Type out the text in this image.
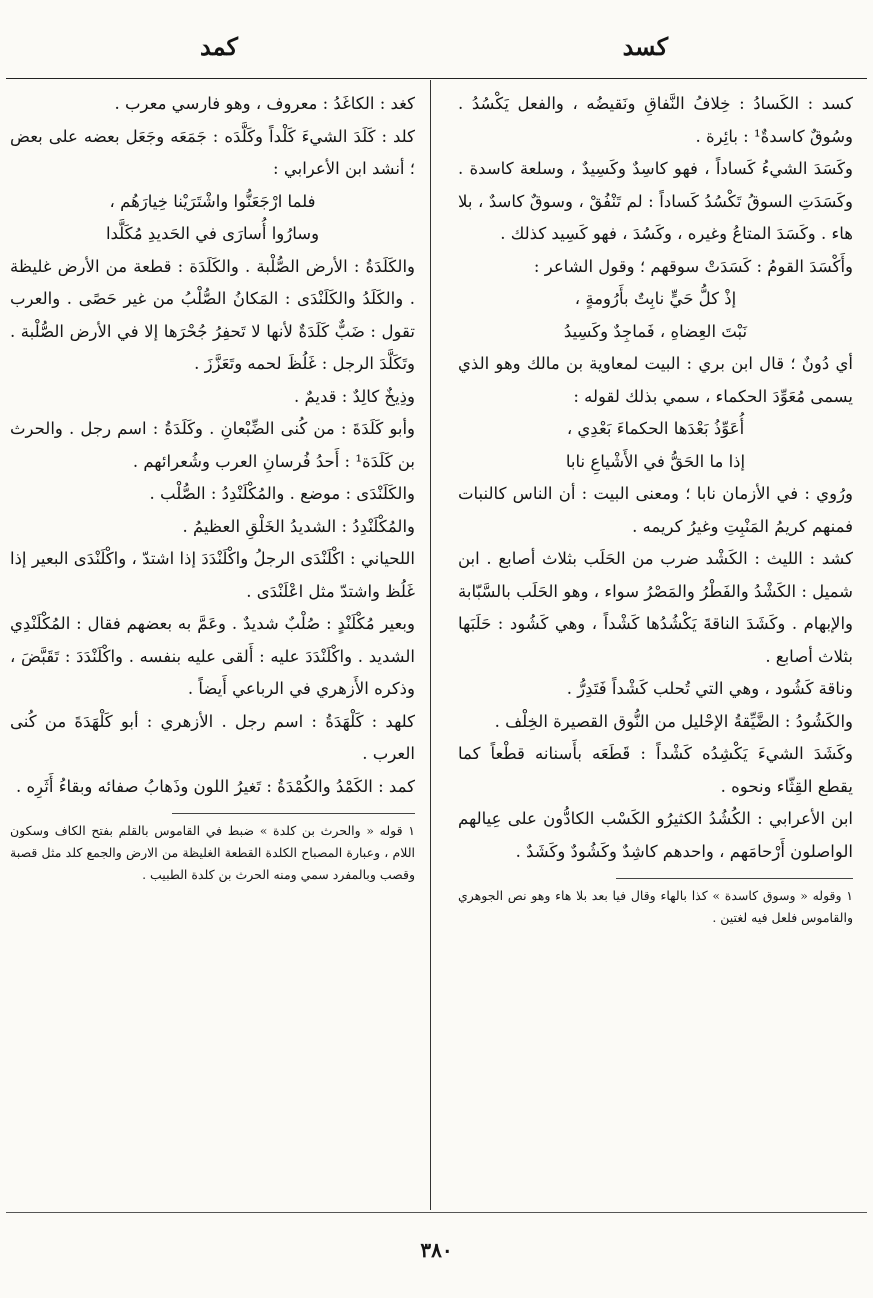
كسد
كمد

كسد : الكَسادُ : خِلافُ النَّفاقِ ونَقيضُه ، والفعل يَكْسُدُ . وسُوقٌ كاسدةٌ¹ : بائِرة .

وكَسَدَ الشيءُ كَساداً ، فهو كاسِدٌ وكَسِيدٌ ، وسلعة كاسدة . وكَسَدَتِ السوقُ تَكْسُدُ كَساداً : لم تَنْفُقْ ، وسوقٌ كاسدٌ ، بلا هاء . وكَسَدَ المتاعُ وغيره ، وكَسُدَ ، فهو كَسِيد كذلك .

وأَكْسَدَ القومُ : كَسَدَتْ سوقهم ؛ وقول الشاعر :

إذْ كلُّ حَيٍّ نابِتٌ بأَرُومةٍ ،

نَبْتَ العِضاهِ ، فَماجِدٌ وكَسِيدُ

أي دُونٌ ؛ قال ابن بري : البيت لمعاوية بن مالك وهو الذي يسمى مُعَوِّدَ الحكماء ، سمي بذلك لقوله :

أُعَوِّذُ بَعْدَها الحكماءَ بَعْدِي ،

إذا ما الحَقُّ في الأَشْياعِ نابا

ورُوي : في الأزمان نابا ؛ ومعنى البيت : أن الناس كالنبات فمنهم كريمُ المَنْبِتِ وغيرُ كريمه .

كشد : الليث : الكَشْد ضرب من الحَلَب بثلاث أصابع . ابن شميل : الكَشْدُ والفَطْرُ والمَصْرُ سواء ، وهو الحَلَب بالسَّبّابة والإبهام . وكَشَدَ الناقةَ يَكْشُدُها كَشْداً ، وهي كَشُود : حَلَبَها بثلاث أصابع .

وناقة كَشُود ، وهي التي تُحلب كَشْداً فَتَدِرُّ .

والكَشُودُ : الضَّيِّقةُ الإحْليل من النُّوق القصيرة الخِلْف .

وكَشَدَ الشيءَ يَكْشِدُه كَشْداً : قَطَعَه بأَسنانه قطْعاً كما يقطع القِثّاء ونحوه .

ابن الأعرابي : الكُشُدُ الكثيرُو الكَسْب الكادُّون على عِيالهم الواصلون أَرْحامَهم ، واحدهم كاشِدٌ وكَشُودٌ وكَشَدٌ .

١ وقوله « وسوق كاسدة » كذا بالهاء وقال فيا بعد بلا هاء وهو نص الجوهري والقاموس فلعل فيه لغتين .

كغد : الكاغَدُ : معروف ، وهو فارسي معرب .

كلد : كَلَدَ الشيءَ كَلْداً وكَلَّدَه : جَمَعَه وجَعَل بعضه على بعض ؛ أنشد ابن الأعرابي :

فلما ارْجَعَنُّوا واشْتَرَيْنا خِيارَهُم ،

وسارُوا أُسارَى في الحَديدِ مُكَلَّدا

والكَلَدَةُ : الأرض الصُّلْبة . والكَلَدَة : قطعة من الأرض غليظة . والكَلَدُ والكَلَنْدَى : المَكانُ الصُّلْبُ من غير حَصًى . والعرب تقول : ضَبٌّ كَلَدَةٌ لأنها لا تَحفِرُ جُحْرَها إلا في الأرض الصُّلْبة . وتَكَلَّدَ الرجل : غَلُظَ لحمه وتَعَزَّزَ .

وذِيخٌ كالِدٌ : قديمٌ .

وأبو كَلَدَةَ : من كُنى الضِّبْعانِ . وكَلَدَةُ : اسم رجل . والحرث بن كَلَدَة¹ : أَحدُ فُرسانِ العرب وشُعرائهم .

والكَلَنْدَى : موضع . والمُكْلَنْدِدُ : الصُّلْب .

والمُكْلَنْدِدُ : الشديدُ الخَلْقِ العظيمُ .

اللحياني : اكْلَنْدَى الرجلُ واكْلَنْدَدَ إذا اشتدّ ، واكْلَنْدَى البعير إذا غَلُظ واشتدّ مثل اعْلَنْدَى .

وبعير مُكْلَنْدٍ : صُلْبٌ شديدٌ . وعَمَّ به بعضهم فقال : المُكْلَنْدِي الشديد . واكْلَنْدَدَ عليه : أَلقى عليه بنفسه . واكْلَنْدَدَ : تَقَبَّضَ ، وذكره الأَزهري في الرباعي أَيضاً .

كلهد : كَلْهَدَةُ : اسم رجل . الأزهري : أبو كَلْهَدَةَ من كُنى العرب .

كمد : الكَمْدُ والكُمْدَةُ : تَغيرُ اللون وذَهابُ صفائه وبقاءُ أَثَرِه .

١ قوله « والحرث بن كلدة » ضبط في القاموس بالقلم بفتح الكاف وسكون اللام ، وعبارة المصباح الكلدة القطعة الغليظة من الارض والجمع كلد مثل قصبة وقصب وبالمفرد سمي ومنه الحرث بن كلدة الطبيب .

٣٨٠
